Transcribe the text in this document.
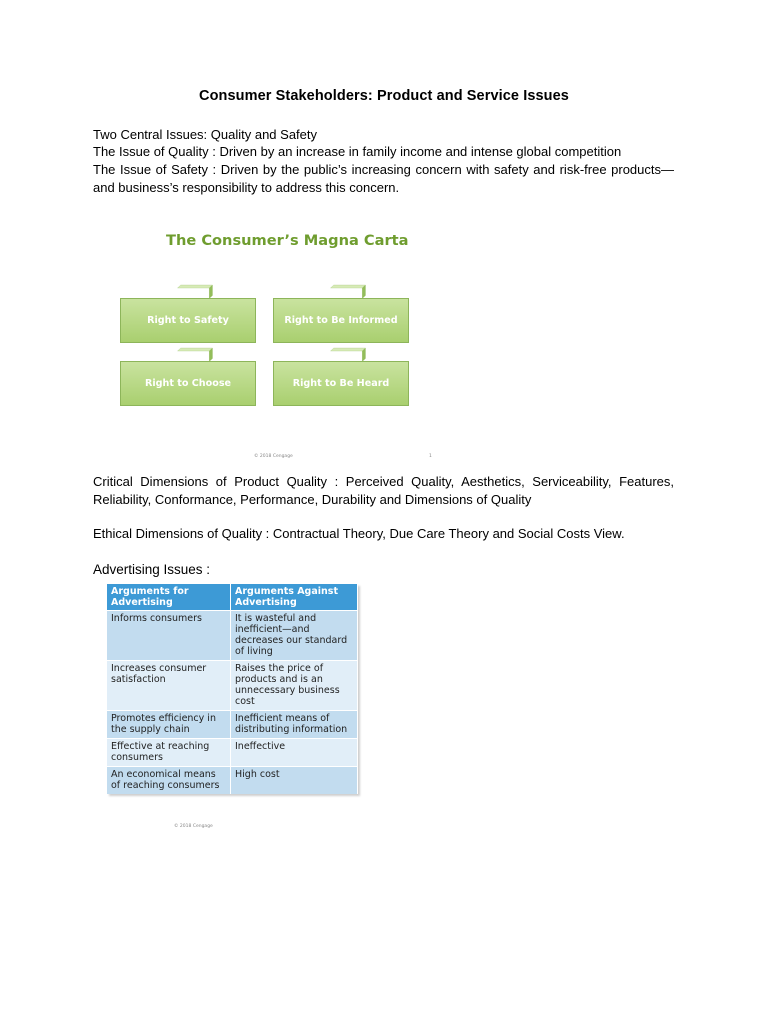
Consumer Stakeholders: Product and Service Issues
Two Central Issues: Quality and Safety
The Issue of Quality : Driven by an increase in family income and intense global competition
The Issue of Safety : Driven by the public’s increasing concern with safety and risk-free products—and business’s responsibility to address this concern.
The Consumer’s Magna Carta
Right to Safety	Right to Be Informed
Right to Choose	Right to Be Heard
© 2018 Cengage	1
Critical Dimensions of Product Quality : Perceived Quality, Aesthetics, Serviceability, Features, Reliability, Conformance, Performance, Durability and Dimensions of Quality
Ethical Dimensions of Quality : Contractual Theory, Due Care Theory and Social Costs View.
Advertising Issues :
Arguments for Advertising	Arguments Against Advertising
Informs consumers	It is wasteful and inefficient—and decreases our standard of living
Increases consumer satisfaction	Raises the price of products and is an unnecessary business cost
Promotes efficiency in the supply chain	Inefficient means of distributing information
Effective at reaching consumers	Ineffective
An economical means of reaching consumers	High cost
© 2018 Cengage
